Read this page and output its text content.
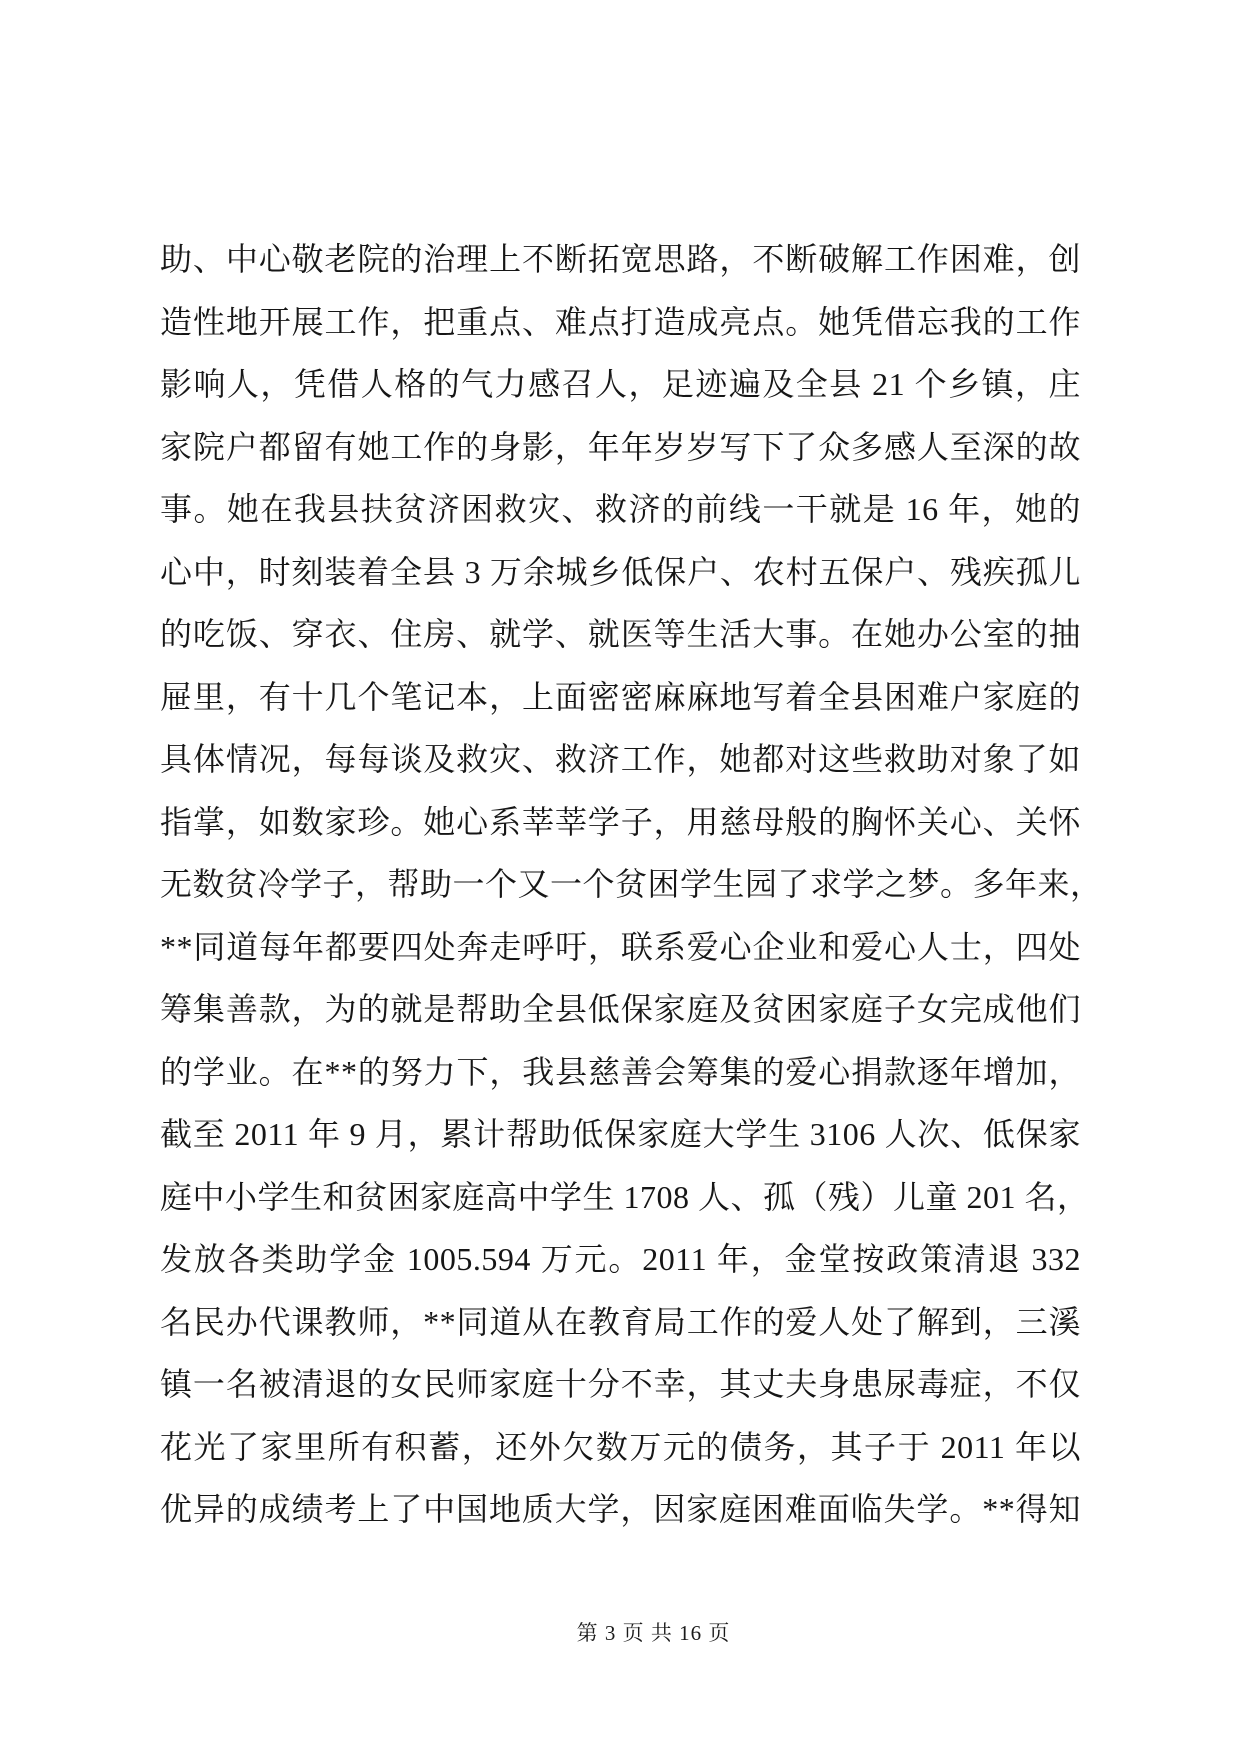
助、中心敬老院的治理上不断拓宽思路，不断破解工作困难，创
造性地开展工作，把重点、难点打造成亮点。她凭借忘我的工作
影响人，凭借人格的气力感召人，足迹遍及全县 21 个乡镇，庄
家院户都留有她工作的身影，年年岁岁写下了众多感人至深的故
事。她在我县扶贫济困救灾、救济的前线一干就是 16 年，她的
心中，时刻装着全县 3 万余城乡低保户、农村五保户、残疾孤儿
的吃饭、穿衣、住房、就学、就医等生活大事。在她办公室的抽
屉里，有十几个笔记本，上面密密麻麻地写着全县困难户家庭的
具体情况，每每谈及救灾、救济工作，她都对这些救助对象了如
指掌，如数家珍。她心系莘莘学子，用慈母般的胸怀关心、关怀
无数贫冷学子，帮助一个又一个贫困学生园了求学之梦。多年来，
**同道每年都要四处奔走呼吁，联系爱心企业和爱心人士，四处
筹集善款，为的就是帮助全县低保家庭及贫困家庭子女完成他们
的学业。在**的努力下，我县慈善会筹集的爱心捐款逐年增加，
截至 2011 年 9 月，累计帮助低保家庭大学生 3106 人次、低保家
庭中小学生和贫困家庭高中学生 1708 人、孤（残）儿童 201 名，
发放各类助学金 1005.594 万元。2011 年，金堂按政策清退 332
名民办代课教师，**同道从在教育局工作的爱人处了解到，三溪
镇一名被清退的女民师家庭十分不幸，其丈夫身患尿毒症，不仅
花光了家里所有积蓄，还外欠数万元的债务，其子于 2011 年以
优异的成绩考上了中国地质大学，因家庭困难面临失学。**得知
第 3 页 共 16 页
